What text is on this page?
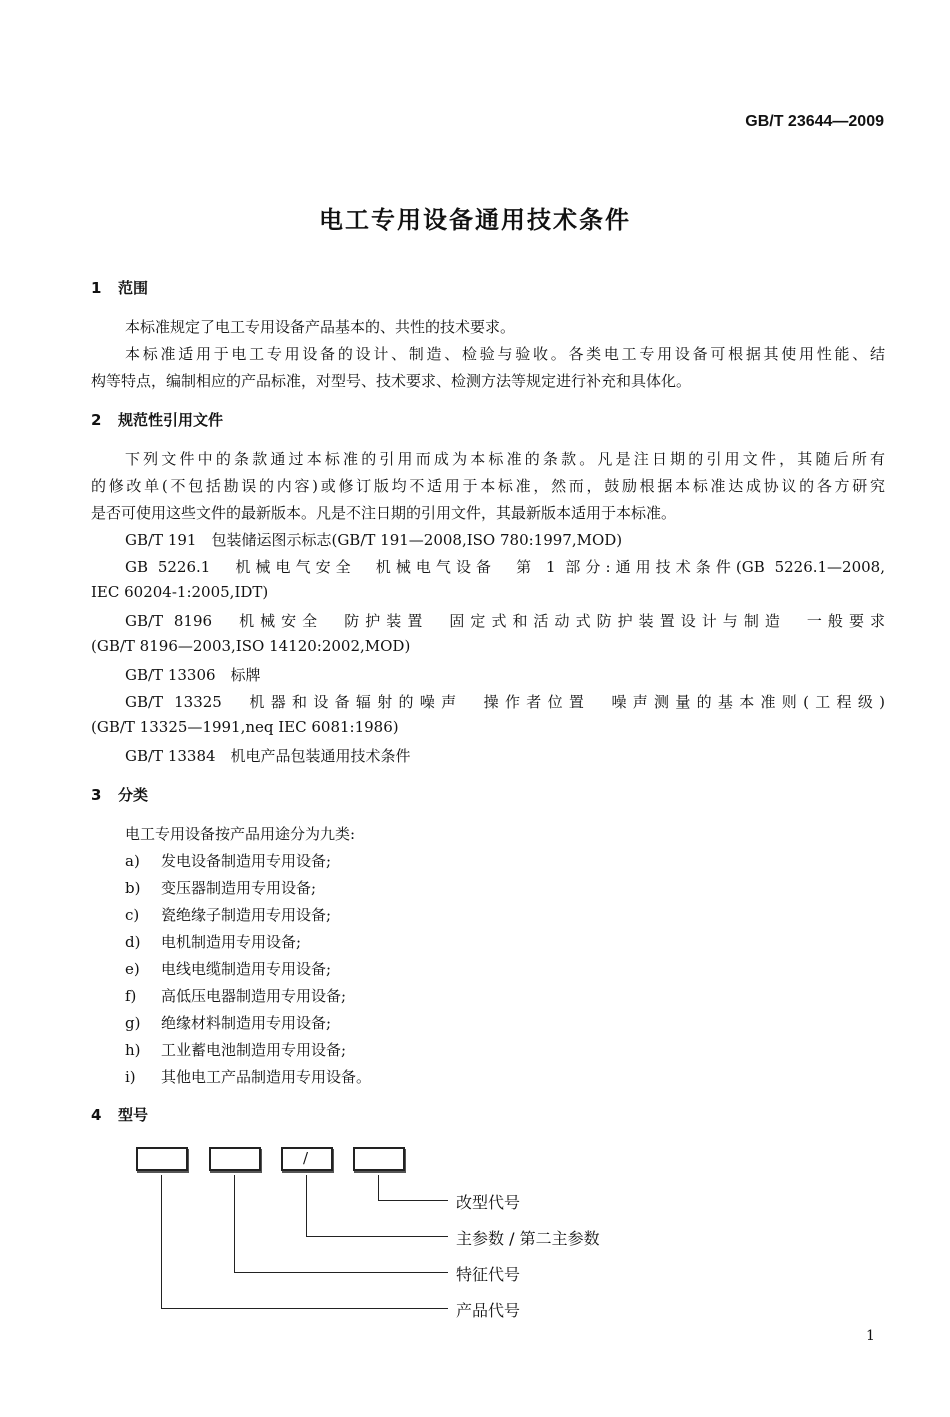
GB/T 23644—2009
电工专用设备通用技术条件
1 范围
本标准规定了电工专用设备产品基本的、共性的技术要求。
本标准适用于电工专用设备的设计、制造、检验与验收。各类电工专用设备可根据其使用性能、结
构等特点，编制相应的产品标准，对型号、技术要求、检测方法等规定进行补充和具体化。
2 规范性引用文件
下列文件中的条款通过本标准的引用而成为本标准的条款。凡是注日期的引用文件，其随后所有
的修改单(不包括勘误的内容)或修订版均不适用于本标准，然而，鼓励根据本标准达成协议的各方研究
是否可使用这些文件的最新版本。凡是不注日期的引用文件，其最新版本适用于本标准。
GB/T 191　包装储运图示标志(GB/T 191—2008,ISO 780:1997,MOD)
GB 5226.1　机械电气安全　机械电气设备　第 1 部分:通用技术条件(GB 5226.1—2008,
IEC 60204-1:2005,IDT)
GB/T 8196　机械安全　防护装置　固定式和活动式防护装置设计与制造　一般要求
(GB/T 8196—2003,ISO 14120:2002,MOD)
GB/T 13306　标牌
GB/T 13325　机器和设备辐射的噪声　操作者位置　噪声测量的基本准则(工程级)
(GB/T 13325—1991,neq IEC 6081:1986)
GB/T 13384　机电产品包装通用技术条件
3 分类
电工专用设备按产品用途分为九类:
a) 发电设备制造用专用设备;
b) 变压器制造用专用设备;
c) 瓷绝缘子制造用专用设备;
d) 电机制造用专用设备;
e) 电线电缆制造用专用设备;
f) 高低压电器制造用专用设备;
g) 绝缘材料制造用专用设备;
h) 工业蓄电池制造用专用设备;
i) 其他电工产品制造用专用设备。
4 型号
/
改型代号
主参数 / 第二主参数
特征代号
产品代号
1
